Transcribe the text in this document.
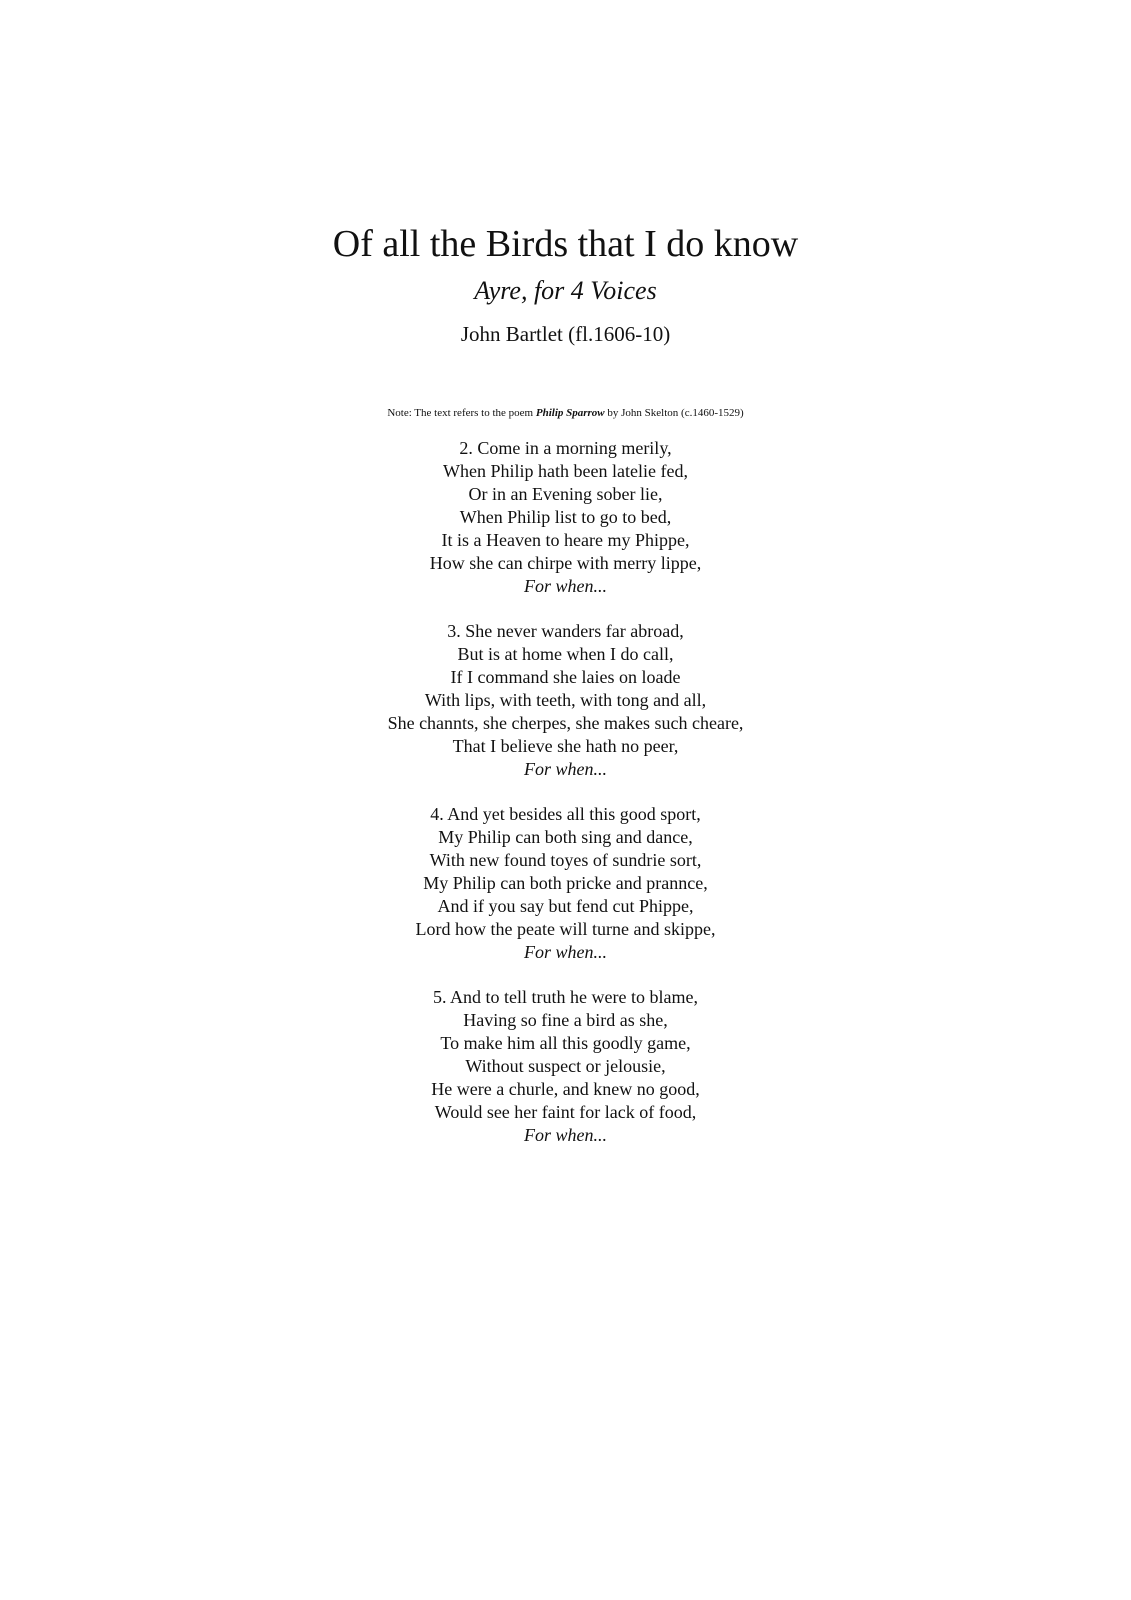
Of all the Birds that I do know

Ayre, for 4 Voices

John Bartlet (fl.1606-10)

Note: The text refers to the poem Philip Sparrow by John Skelton (c.1460-1529)

2. Come in a morning merily,
When Philip hath been latelie fed,
Or in an Evening sober lie,
When Philip list to go to bed,
It is a Heaven to heare my Phippe,
How she can chirpe with merry lippe,
For when...
3. She never wanders far abroad,
But is at home when I do call,
If I command she laies on loade
With lips, with teeth, with tong and all,
She channts, she cherpes, she makes such cheare,
That I believe she hath no peer,
For when...
4. And yet besides all this good sport,
My Philip can both sing and dance,
With new found toyes of sundrie sort,
My Philip can both pricke and prannce,
And if you say but fend cut Phippe,
Lord how the peate will turne and skippe,
For when...
5. And to tell truth he were to blame,
Having so fine a bird as she,
To make him all this goodly game,
Without suspect or jelousie,
He were a churle, and knew no good,
Would see her faint for lack of food,
For when...
